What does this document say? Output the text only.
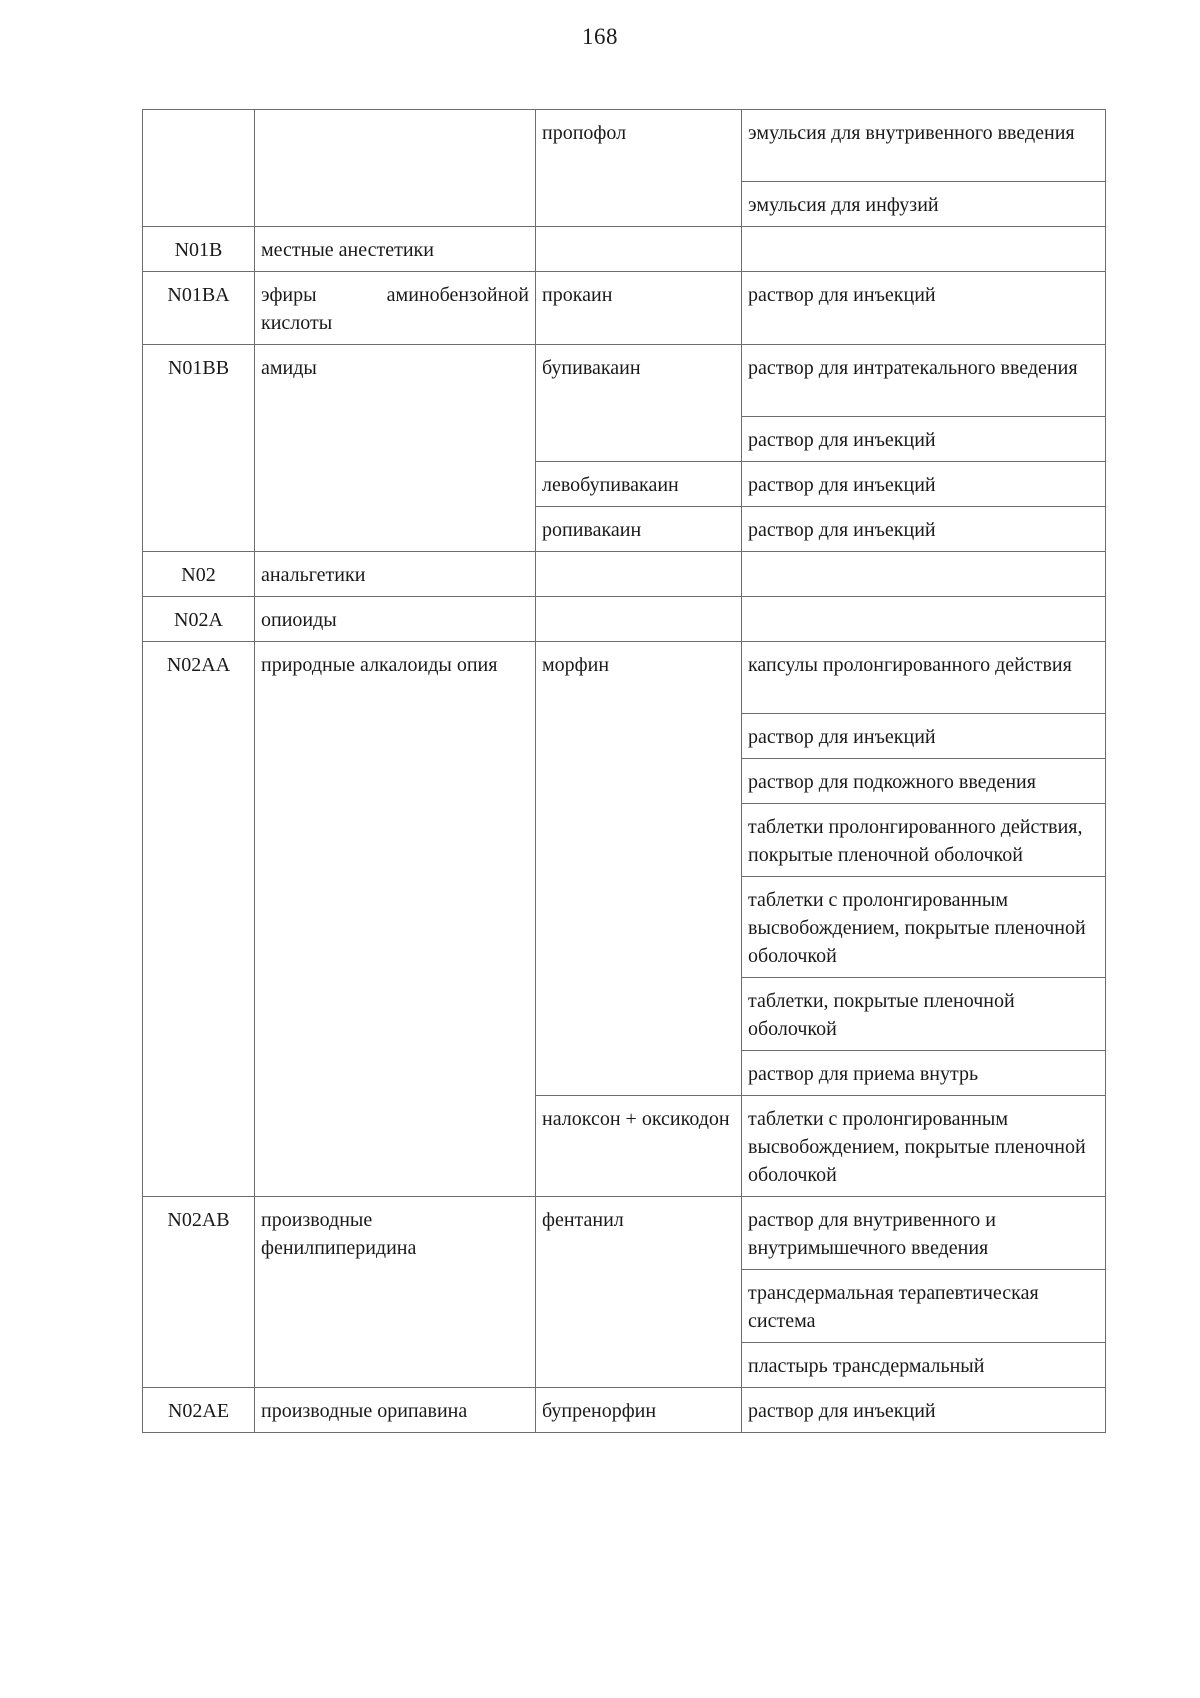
168
		пропофол	эмульсия для внутривенного введения
			эмульсия для инфузий
N01B	местные анестетики		
N01BA	эфиры аминобензойной кислоты	прокаин	раствор для инъекций
N01BB	амиды	бупивакаин	раствор для интратекального введения
			раствор для инъекций
		левобупивакаин	раствор для инъекций
		ропивакаин	раствор для инъекций
N02	анальгетики		
N02A	опиоиды		
N02AA	природные алкалоиды опия	морфин	капсулы пролонгированного действия
			раствор для инъекций
			раствор для подкожного введения
			таблетки пролонгированного действия, покрытые пленочной оболочкой
			таблетки с пролонгированным высвобождением, покрытые пленочной оболочкой
			таблетки, покрытые пленочной оболочкой
			раствор для приема внутрь
		налоксон + оксикодон	таблетки с пролонгированным высвобождением, покрытые пленочной оболочкой
N02AB	производные фенилпиперидина	фентанил	раствор для внутривенного и внутримышечного введения
			трансдермальная терапевтическая система
			пластырь трансдермальный
N02AE	производные орипавина	бупренорфин	раствор для инъекций
